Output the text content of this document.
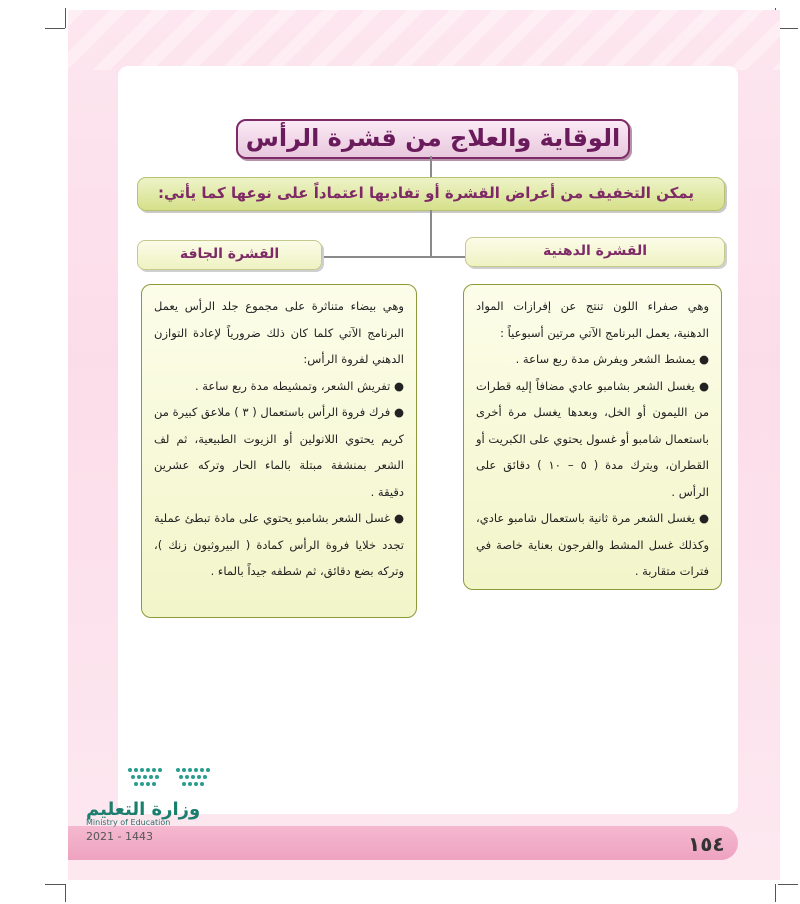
الوقاية والعلاج من قشرة الرأس
يمكن التخفيف من أعراض القشرة أو تفاديها اعتماداً على نوعها كما يأتي:
القشرة الجافة	القشرة الدهنية

وهي بيضاء متناثرة على مجموع جلد الرأس يعمل البرنامج الآتي كلما كان ذلك ضرورياً لإعادة التوازن الدهني لفروة الرأس:

● تفريش الشعر، وتمشيطه مدة ربع ساعة .

● فرك فروة الرأس باستعمال ( ٣ ) ملاعق كبيرة من كريم يحتوي اللانولين أو الزيوت الطبيعية، ثم لف الشعر بمنشفة مبتلة بالماء الحار وتركه عشرين دقيقة .

● غسل الشعر بشامبو يحتوي على مادة تبطئ عملية تجدد خلايا فروة الرأس كمادة ( البيروثيون زنك )، وتركه بضع دقائق، ثم شطفه جيداً بالماء .

وهي صفراء اللون تنتج عن إفرازات المواد الدهنية، يعمل البرنامج الآتي مرتين أسبوعياً :

● يمشط الشعر ويفرش مدة ربع ساعة .

● يغسل الشعر بشامبو عادي مضافاً إليه قطرات من الليمون أو الخل، وبعدها يغسل مرة أخرى باستعمال شامبو أو غسول يحتوي على الكبريت أو القطران، ويترك مدة ( ٥ – ١٠ ) دقائق على الرأس .

● يغسل الشعر مرة ثانية باستعمال شامبو عادي، وكذلك غسل المشط والفرجون بعناية خاصة في فترات متقاربة .

١٥٤
وزارة التعليم
Ministry of Education
2021 - 1443
